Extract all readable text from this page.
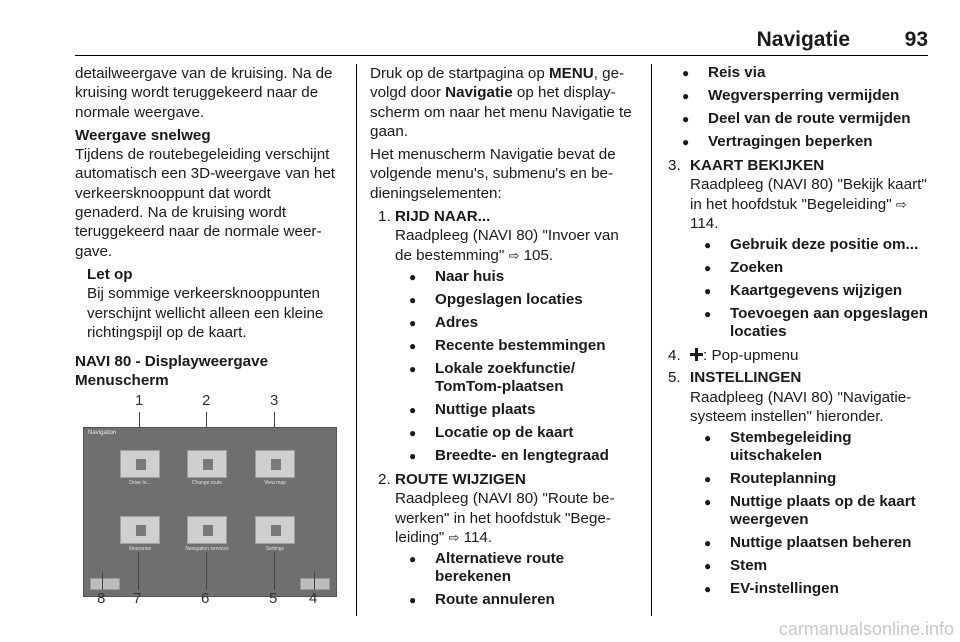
Navigatie	93

detailweergave van de kruising. Na de kruising wordt teruggekeerd naar de normale weergave.

Weergave snelweg

Tijdens de routebegeleiding verschijnt automatisch een 3D-weergave van het verkeersknooppunt dat wordt genaderd. Na de kruising wordt teruggekeerd naar de normale weergave.

Let op
Bij sommige verkeersknooppunten verschijnt wellicht alleen een kleine richtingspijl op de kaart.
NAVI 80 - Displayweergave
Menuscherm
1	2	3
Navigation
Drive to...	Change route	View map
Itineraries	Navigation services	Settings
8 7	6	5 4

Druk op de startpagina op MENU, gevolgd door Navigatie op het displayscherm om naar het menu Navigatie te gaan.

Het menuscherm Navigatie bevat de volgende menu's, submenu's en bedieningselementen:

1. RIJD NAAR...
Raadpleeg (NAVI 80) "Invoer van de bestemming" ⇨ 105.
● Naar huis
● Opgeslagen locaties
● Adres
● Recente bestemmingen
● Lokale zoekfunctie/ TomTom-plaatsen
● Nuttige plaats
● Locatie op de kaart
● Breedte- en lengtegraad
2. ROUTE WIJZIGEN
Raadpleeg (NAVI 80) "Route bewerken" in het hoofdstuk "Begeleiding" ⇨ 114.
● Alternatieve route berekenen
● Route annuleren
● Reis via
● Wegversperring vermijden
● Deel van de route vermijden
● Vertragingen beperken
3. KAART BEKIJKEN
Raadpleeg (NAVI 80) "Bekijk kaart" in het hoofdstuk "Begeleiding" ⇨ 114.
● Gebruik deze positie om...
● Zoeken
● Kaartgegevens wijzigen
● Toevoegen aan opgeslagen locaties
4.	: Pop-upmenu
5. INSTELLINGEN
Raadpleeg (NAVI 80) "Navigatiesysteem instellen" hieronder.
● Stembegeleiding uitschakelen
● Routeplanning
● Nuttige plaats op de kaart weergeven
● Nuttige plaatsen beheren
● Stem
● EV-instellingen
carmanualsonline.info
